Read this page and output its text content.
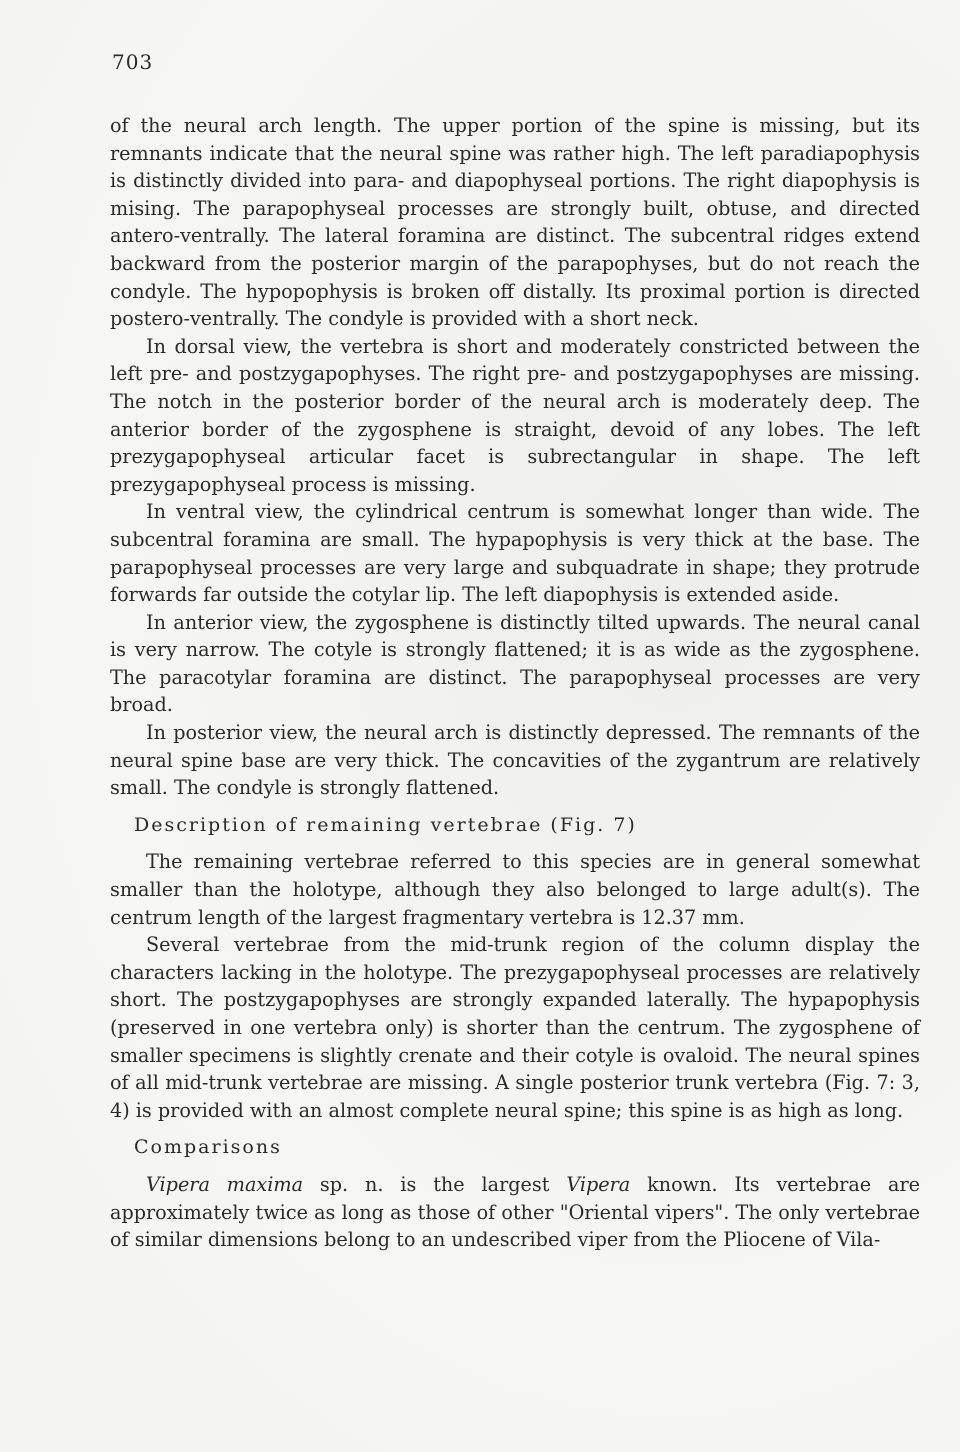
703

of the neural arch length. The upper portion of the spine is missing, but its remnants indicate that the neural spine was rather high. The left paradiapophysis is distinctly divided into para- and diapophyseal portions. The right diapophysis is mising. The parapophyseal processes are strongly built, obtuse, and directed antero-ventrally. The lateral foramina are distinct. The subcentral ridges extend backward from the posterior margin of the parapophyses, but do not reach the condyle. The hypopophysis is broken off distally. Its proximal portion is directed postero-ventrally. The condyle is provided with a short neck.

In dorsal view, the vertebra is short and moderately constricted between the left pre- and postzygapophyses. The right pre- and postzygapophyses are missing. The notch in the posterior border of the neural arch is moderately deep. The anterior border of the zygosphene is straight, devoid of any lobes. The left prezygapophyseal articular facet is subrectangular in shape. The left prezygapophyseal process is missing.

In ventral view, the cylindrical centrum is somewhat longer than wide. The subcentral foramina are small. The hypapophysis is very thick at the base. The parapophyseal processes are very large and subquadrate in shape; they protrude forwards far outside the cotylar lip. The left diapophysis is extended aside.

In anterior view, the zygosphene is distinctly tilted upwards. The neural canal is very narrow. The cotyle is strongly flattened; it is as wide as the zygosphene. The paracotylar foramina are distinct. The parapophyseal processes are very broad.

In posterior view, the neural arch is distinctly depressed. The remnants of the neural spine base are very thick. The concavities of the zygantrum are relatively small. The condyle is strongly flattened.

Description of remaining vertebrae (Fig. 7)

The remaining vertebrae referred to this species are in general somewhat smaller than the holotype, although they also belonged to large adult(s). The centrum length of the largest fragmentary vertebra is 12.37 mm.

Several vertebrae from the mid-trunk region of the column display the characters lacking in the holotype. The prezygapophyseal processes are relatively short. The postzygapophyses are strongly expanded laterally. The hypapophysis (preserved in one vertebra only) is shorter than the centrum. The zygosphene of smaller specimens is slightly crenate and their cotyle is ovaloid. The neural spines of all mid-trunk vertebrae are missing. A single posterior trunk vertebra (Fig. 7: 3, 4) is provided with an almost complete neural spine; this spine is as high as long.

Comparisons

Vipera maxima sp. n. is the largest Vipera known. Its vertebrae are approximately twice as long as those of other "Oriental vipers". The only vertebrae of similar dimensions belong to an undescribed viper from the Pliocene of Vila-
